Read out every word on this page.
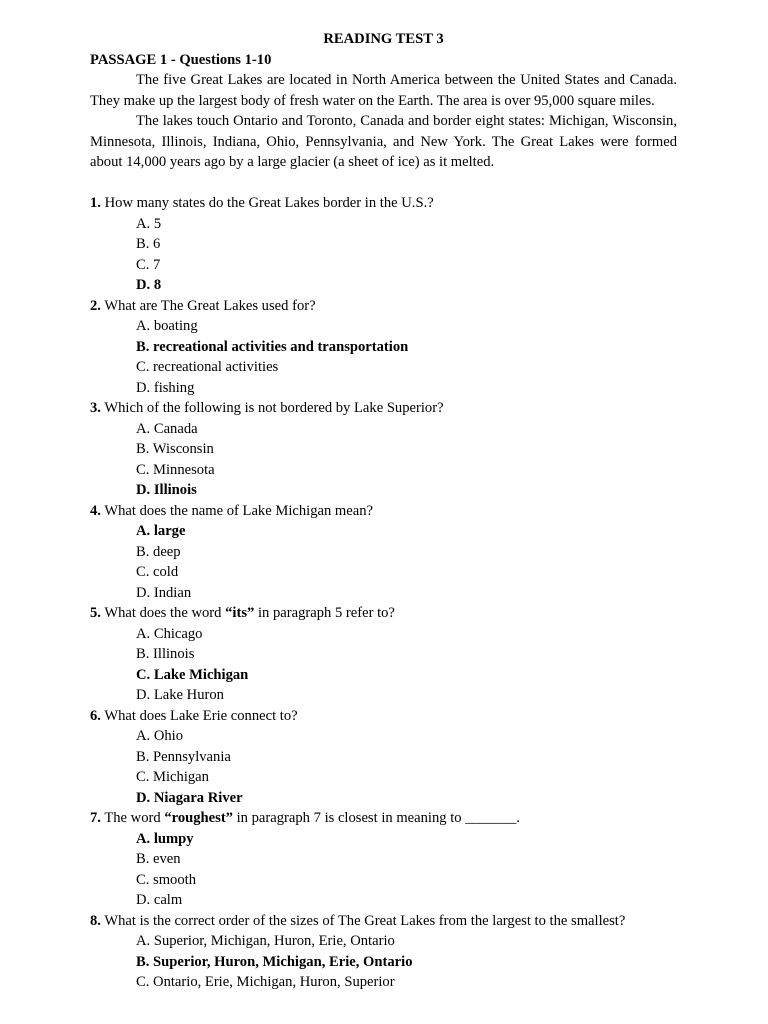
READING TEST 3

PASSAGE 1 - Questions 1-10

The five Great Lakes are located in North America between the United States and Canada. They make up the largest body of fresh water on the Earth. The area is over 95,000 square miles.

The lakes touch Ontario and Toronto, Canada and border eight states: Michigan, Wisconsin, Minnesota, Illinois, Indiana, Ohio, Pennsylvania, and New York. The Great Lakes were formed about 14,000 years ago by a large glacier (a sheet of ice) as it melted.

1. How many states do the Great Lakes border in the U.S.?

A. 5
B. 6
C. 7
D. 8

2. What are The Great Lakes used for?

A. boating
B. recreational activities and transportation
C. recreational activities
D. fishing

3. Which of the following is not bordered by Lake Superior?

A. Canada
B. Wisconsin
C. Minnesota
D. Illinois

4. What does the name of Lake Michigan mean?

A. large
B. deep
C. cold
D. Indian

5. What does the word “its” in paragraph 5 refer to?

A. Chicago
B. Illinois
C. Lake Michigan
D. Lake Huron

6. What does Lake Erie connect to?

A. Ohio
B. Pennsylvania
C. Michigan
D. Niagara River

7. The word “roughest” in paragraph 7 is closest in meaning to _______.

A. lumpy
B. even
C. smooth
D. calm

8. What is the correct order of the sizes of The Great Lakes from the largest to the smallest?

A. Superior, Michigan, Huron, Erie, Ontario
B. Superior, Huron, Michigan, Erie, Ontario
C. Ontario, Erie, Michigan, Huron, Superior
